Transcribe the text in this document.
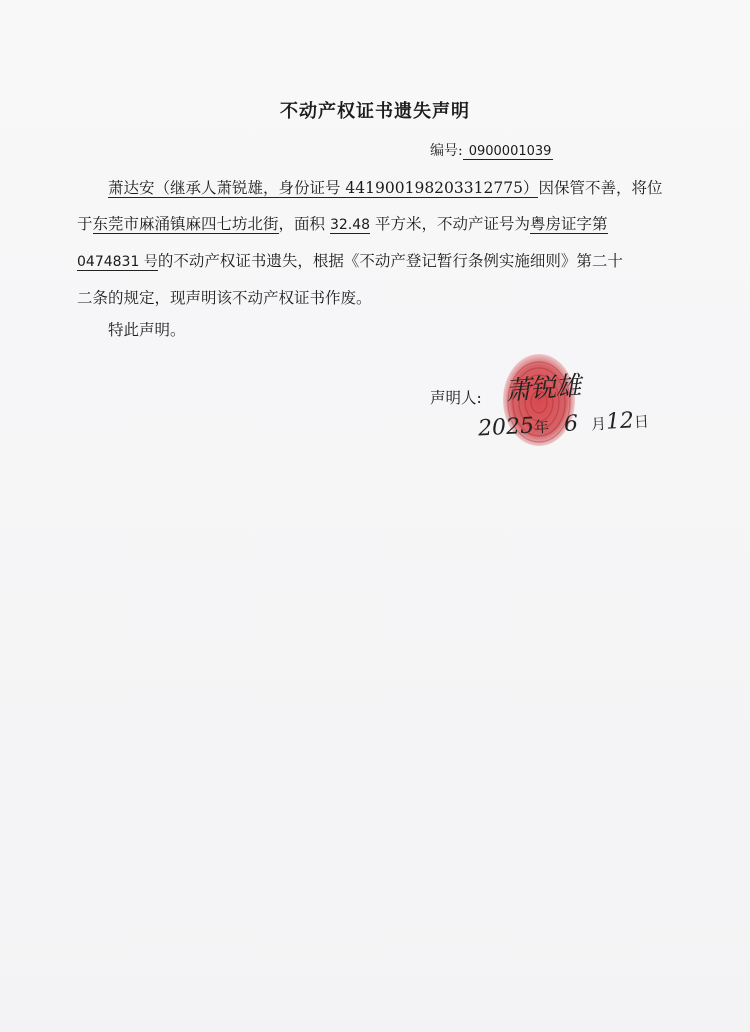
不动产权证书遗失声明
编号: 0900001039
萧达安（继承人萧锐雄，身份证号 441900198203312775）因保管不善，将位
于东莞市麻涌镇麻四七坊北街，面积 32.48 平方米，不动产证号为粤房证字第
0474831 号的不动产权证书遗失，根据《不动产登记暂行条例实施细则》第二十
二条的规定，现声明该不动产权证书作废。
特此声明。
声明人: 萧锐雄
2025年 6 月12日
